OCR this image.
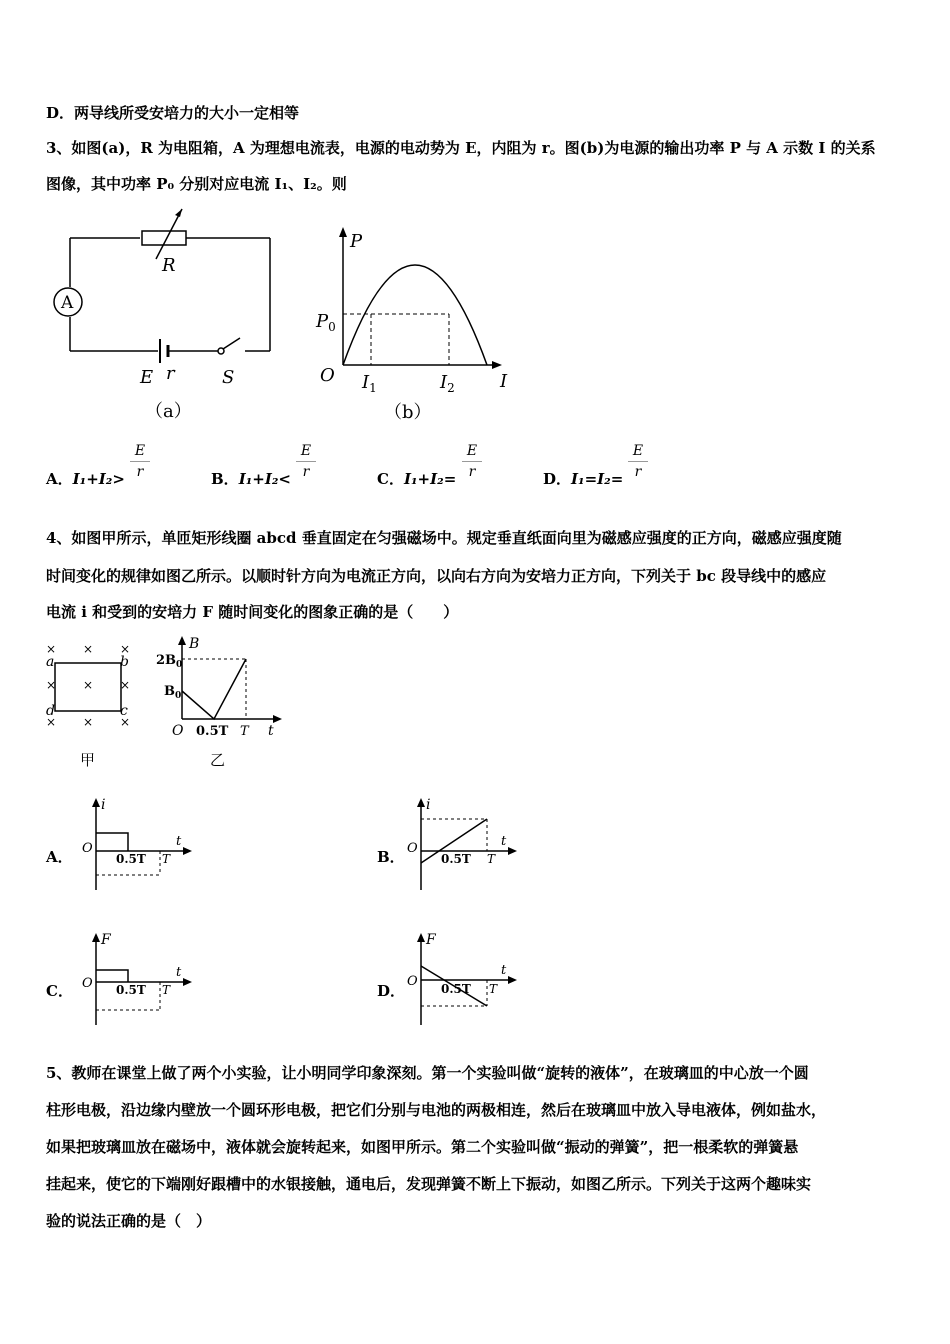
D．两导线所受安培力的大小一定相等
3、如图(a)，R 为电阻箱，A 为理想电流表，电源的电动势为 E，内阻为 r。图(b)为电源的输出功率 P 与 A 示数 I 的关系
图像，其中功率 P₀ 分别对应电流 I₁、I₂。则
A
R
E r	S
（a）
P
I
O
$P_0$
$I_1$	$I_2$
（b）
A．I₁+I₂>
E
r	B．I₁+I₂<
E
r	C．I₁+I₂=
E
r	D．I₁=I₂=
E
r
4、如图甲所示，单匝矩形线圈 abcd 垂直固定在匀强磁场中。规定垂直纸面向里为磁感应强度的正方向，磁感应强度随
时间变化的规律如图乙所示。以顺时针方向为电流正方向，以向右方向为安培力正方向，下列关于 bc 段导线中的感应
电流 i 和受到的安培力 F 随时间变化的图象正确的是（　　）
× × ×
× × ×
× × ×
a	b
c
d
甲
B
t
O
$2B_0$
$B_0$
0.5T T
乙
A．
i
t
O
0.5T T	B．
i
t
O
0.5T T
C．
F
t
O 0.5T T	D．
F
t
O 0.5T T
5、教师在课堂上做了两个小实验，让小明同学印象深刻。第一个实验叫做“旋转的液体”，在玻璃皿的中心放一个圆
柱形电极，沿边缘内壁放一个圆环形电极，把它们分别与电池的两极相连，然后在玻璃皿中放入导电液体，例如盐水，
如果把玻璃皿放在磁场中，液体就会旋转起来，如图甲所示。第二个实验叫做“振动的弹簧”，把一根柔软的弹簧悬
挂起来，使它的下端刚好跟槽中的水银接触，通电后，发现弹簧不断上下振动，如图乙所示。下列关于这两个趣味实
验的说法正确的是（　）
